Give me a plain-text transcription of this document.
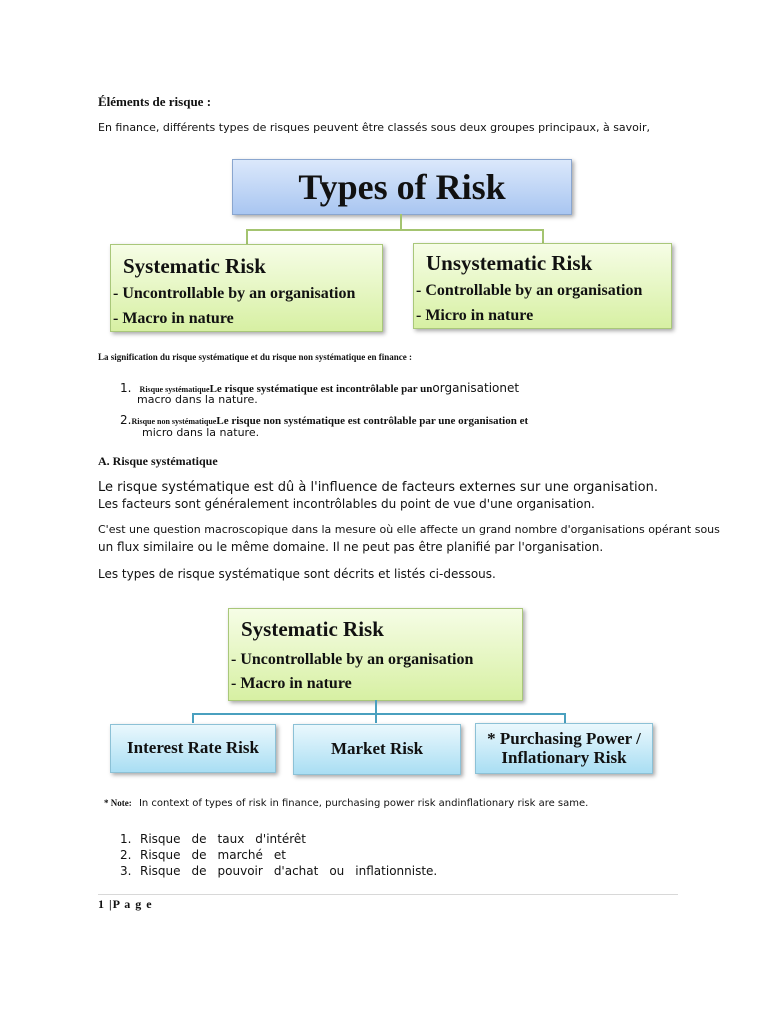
Éléments de risque :
En finance, différents types de risques peuvent être classés sous deux groupes principaux, à savoir,
Types of Risk
Systematic Risk
- Uncontrollable by an organisation
- Macro in nature
Unsystematic Risk
- Controllable by an organisation
- Micro in nature
La signification du risque systématique et du risque non systématique en finance :
1. Risque systématiqueLe risque systématique est incontrôlable par unorganisationet
macro dans la nature.
2.Risque non systématiqueLe risque non systématique est contrôlable par une organisation et
micro dans la nature.
A. Risque systématique
Le risque systématique est dû à l'influence de facteurs externes sur une organisation.
Les facteurs sont généralement incontrôlables du point de vue d'une organisation.
C'est une question macroscopique dans la mesure où elle affecte un grand nombre d'organisations opérant sous
un flux similaire ou le même domaine. Il ne peut pas être planifié par l'organisation.
Les types de risque systématique sont décrits et listés ci-dessous.
Systematic Risk
- Uncontrollable by an organisation
- Macro in nature
Interest Rate Risk	Market Risk
* Purchasing Power /
Inflationary Risk
* Note: In context of types of risk in finance, purchasing power risk andinflationary risk are same.
1. Risque de taux d'intérêt
2. Risque de marché et
3. Risque de pouvoir d'achat ou inflationniste.
1 |P a g e
